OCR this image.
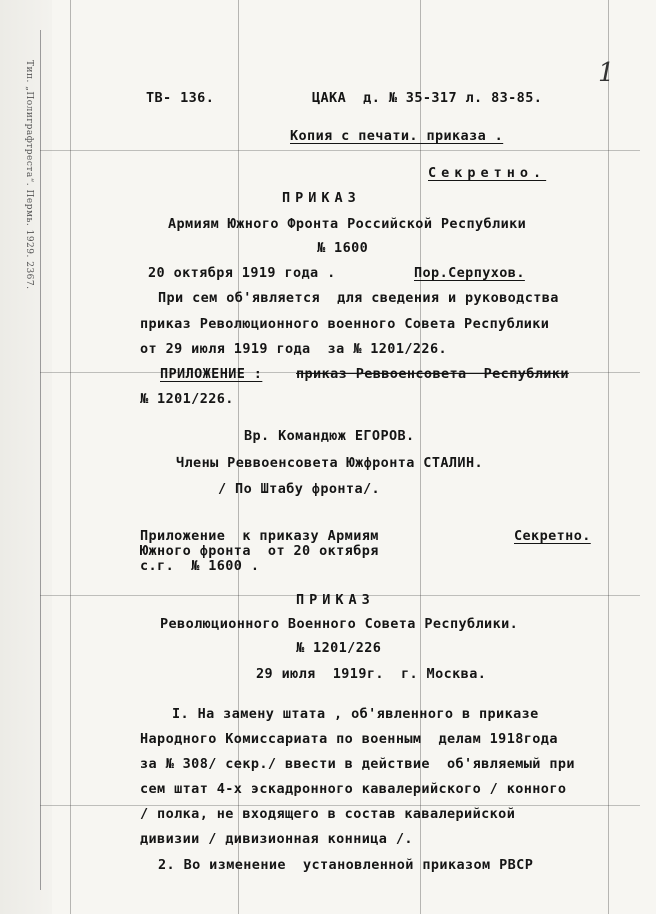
Тип. „Полиграфтреста“. Пермь. 1929. 2367.	1
ТВ- 136.	ЦАКА  д. № 35-317 л. 83-85.
Копия с печати. приказа .
Секретно.
ПРИКАЗ
Армиям Южного Фронта Российской Республики
№ 1600
20 октября 1919 года .	Пор.Серпухов.
При сем об'является  для сведения и руководства
приказ Революционного военного Совета Республики
от 29 июля 1919 года  за № 1201/226.
ПРИЛОЖЕНИЕ : приказ Реввоенсовета  Республики
№ 1201/226.
Вр. Командюж ЕГОРОВ.
Члены Реввоенсовета Южфронта СТАЛИН.
/ По Штабу фронта/.
Приложение  к приказу Армиям
Южного фронта  от 20 октября
с.г.  № 1600 .
Секретно.
ПРИКАЗ
Революционного Военного Совета Республики.
№ 1201/226
29 июля  1919г.  г. Москва.
I. На замену штата , об'явленного в приказе
Народного Комиссариата по военным  делам 1918года
за № 308/ секр./ ввести в действие  об'являемый при
сем штат 4-х эскадронного кавалерийского / конного
/ полка, не входящего в состав кавалерийской
дивизии / дивизионная конница /.
2. Во изменение  установленной приказом РВСР
